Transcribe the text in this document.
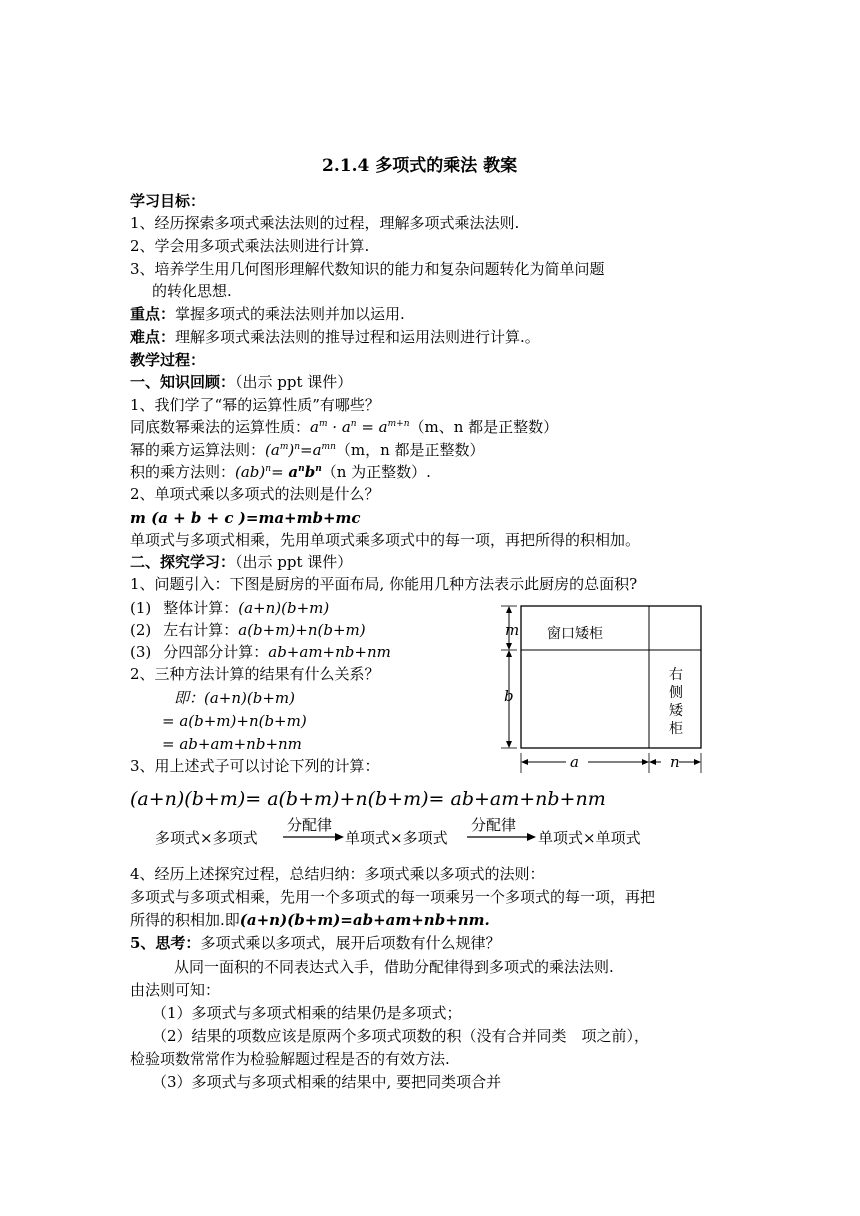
2.1.4 多项式的乘法 教案
学习目标：
1、经历探索多项式乘法法则的过程，理解多项式乘法法则.
2、学会用多项式乘法法则进行计算.
3、培养学生用几何图形理解代数知识的能力和复杂问题转化为简单问题
的转化思想.
重点：掌握多项式的乘法法则并加以运用.
难点：理解多项式乘法法则的推导过程和运用法则进行计算.。
教学过程：
一、知识回顾：（出示 ppt 课件）
1、我们学了“幂的运算性质”有哪些？
同底数幂乘法的运算性质：$a^m \cdot a^n = a^{m+n}(m$、n 都是正整数）
幂的乘方运算法则：$(a^m)^n=a^{mn}(m$，n 都是正整数）
积的乘方法则：$(ab)^n= a^nb^n(n$ 为正整数）.
2、单项式乘以多项式的法则是什么？
m (a + b + c )=ma+mb+mc
单项式与多项式相乘，先用单项式乘多项式中的每一项，再把所得的积相加。
二、探究学习：（出示 ppt 课件）
1、问题引入：下图是厨房的平面布局, 你能用几种方法表示此厨房的总面积?
(1) 整体计算：(a+n)(b+m)
(2) 左右计算：a(b+m)+n(b+m)
(3) 分四部分计算：ab+am+nb+nm
2、三种方法计算的结果有什么关系？
即：(a+n)(b+m)
= a(b+m)+n(b+m)
= ab+am+nb+nm
3、用上述式子可以讨论下列的计算：
窗口矮柜
m
b
a	n
右
侧
矮
柜
(a+n)(b+m)= a(b+m)+n(b+m)= ab+am+nb+nm
多项式×多项式
分配律
单项式×多项式
分配律
单项式×单项式
4、经历上述探究过程，总结归纳：多项式乘以多项式的法则：
多项式与多项式相乘，先用一个多项式的每一项乘另一个多项式的每一项，再把
所得的积相加.即(a+n)(b+m)=ab+am+nb+nm.
5、思考：多项式乘以多项式，展开后项数有什么规律？
从同一面积的不同表达式入手，借助分配律得到多项式的乘法法则.
由法则可知：
（1）多项式与多项式相乘的结果仍是多项式；
（2）结果的项数应该是原两个多项式项数的积（没有合并同类　项之前），
检验项数常常作为检验解题过程是否的有效方法.
（3）多项式与多项式相乘的结果中, 要把同类项合并
